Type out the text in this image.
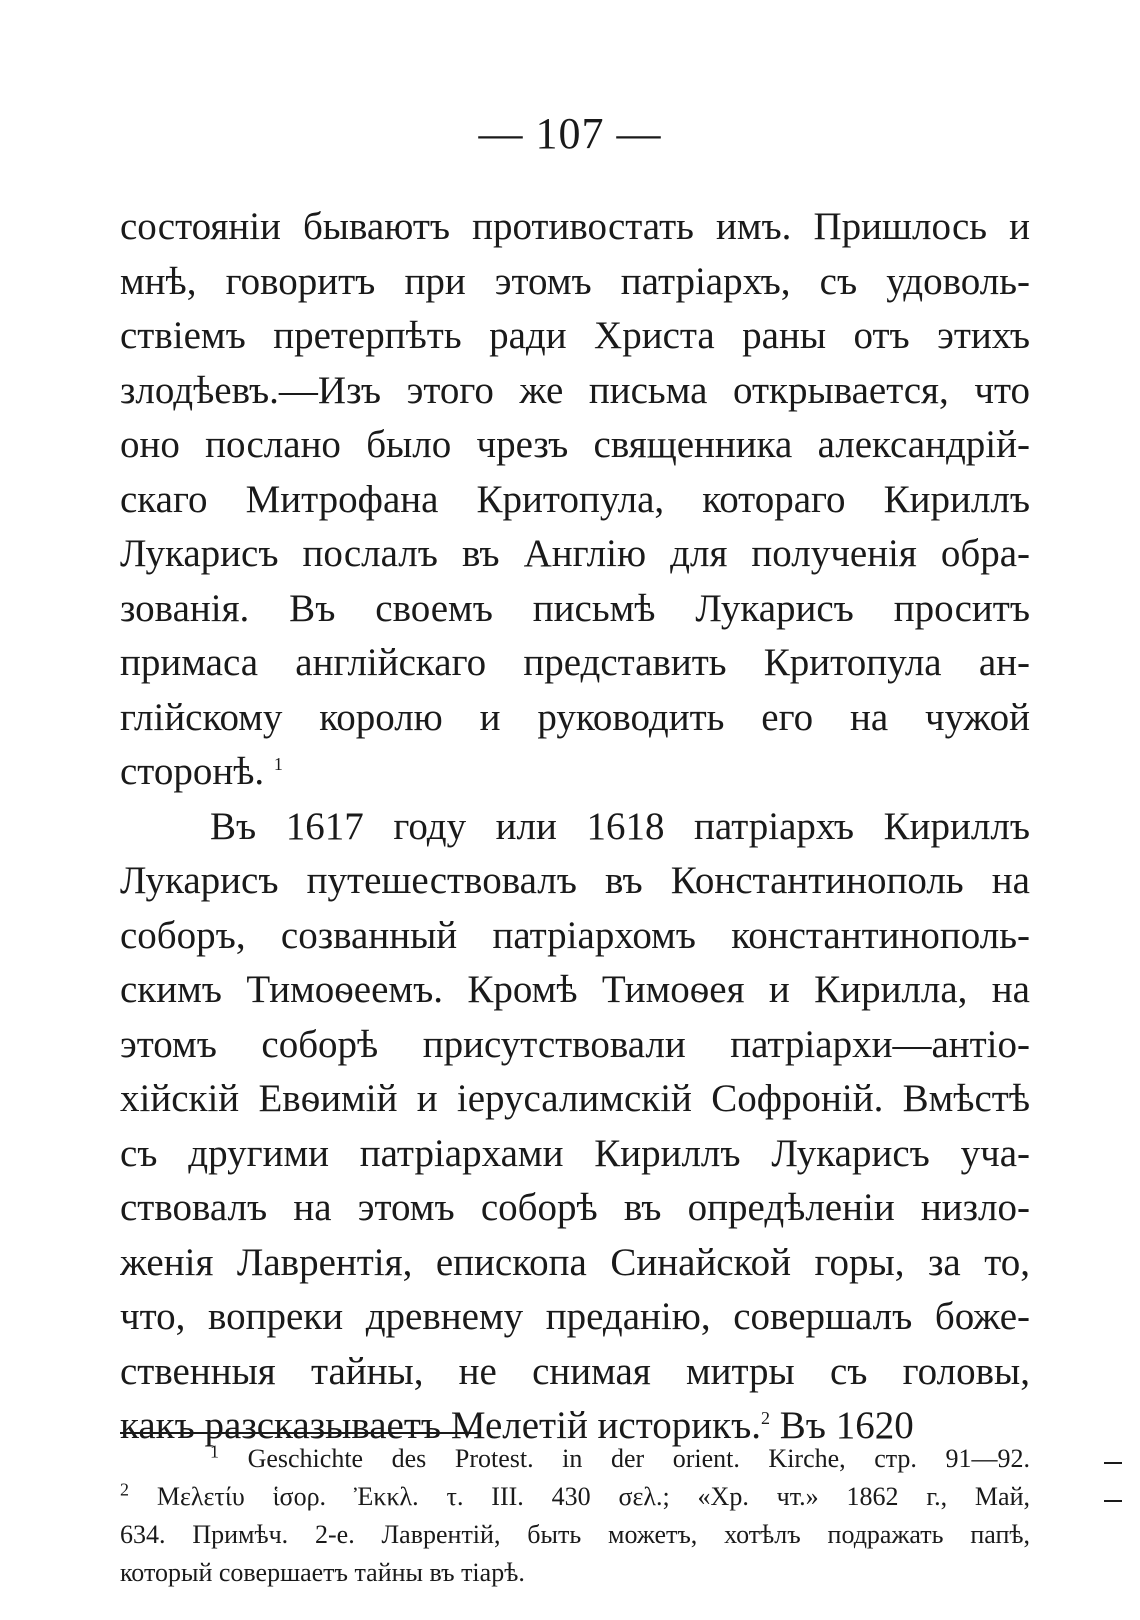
— 107 —
состояніи бываютъ противостать имъ. Пришлось и
мнѣ, говоритъ при этомъ патріархъ, съ удоволь-
ствіемъ претерпѣть ради Христа раны отъ этихъ
злодѣевъ.—Изъ этого же письма открывается, что
оно послано было чрезъ священника александрій-
скаго Митрофана Критопула, котораго Кириллъ
Лукарисъ послалъ въ Англію для полученія обра-
зованія. Въ своемъ письмѣ Лукарисъ проситъ
примаса англійскаго представить Критопула ан-
глійскому королю и руководить его на чужой
сторонѣ. $^1$
Въ 1617 году или 1618 патріархъ Кириллъ
Лукарисъ путешествовалъ въ Константинополь на
соборъ, созванный патріархомъ константинополь-
скимъ Тимоѳеемъ. Кромѣ Тимоѳея и Кирилла, на
этомъ соборѣ присутствовали патріархи—антіо-
хійскій Евѳимій и іерусалимскій Софроній. Вмѣстѣ
съ другими патріархами Кириллъ Лукарисъ уча-
ствовалъ на этомъ соборѣ въ опредѣленіи низло-
женія Лаврентія, епископа Синайской горы, за то,
что, вопреки древнему преданію, совершалъ боже-
ственныя тайны, не снимая митры съ головы,
какъ разсказываетъ Мелетій историкъ.$^2$ Въ 1620
$^1$ Geschichte des Protest. in der orient. Kirche, стр. 91—92.
$^2$ Μελετίυ ἱσορ. Ἐκκλ. τ. III. 430 σελ.; «Хр. чт.» 1862 г., Май,
634. Примѣч. 2-е. Лаврентій, быть можетъ, хотѣлъ подражать папѣ,
который совершаетъ тайны въ тіарѣ.
